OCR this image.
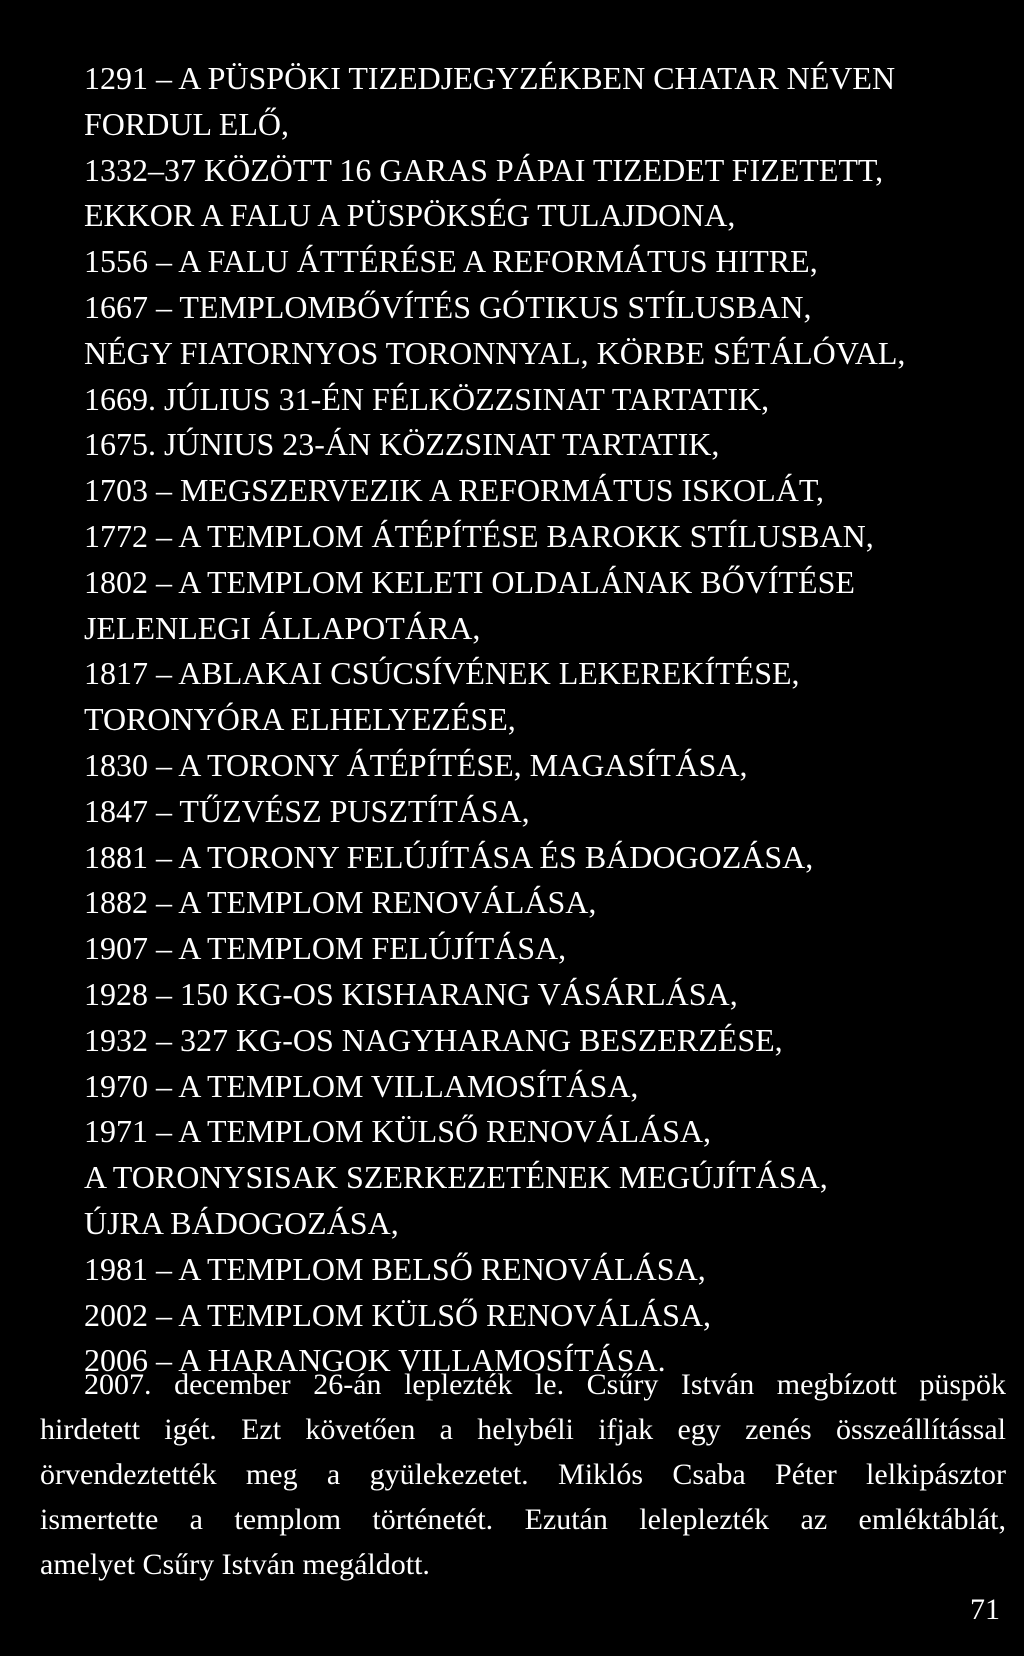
1291 – A PÜSPÖKI TIZEDJEGYZÉKBEN CHATAR NÉVEN
FORDUL ELŐ,
1332–37 KÖZÖTT 16 GARAS PÁPAI TIZEDET FIZETETT,
EKKOR A FALU A PÜSPÖKSÉG TULAJDONA,
1556 – A FALU ÁTTÉRÉSE A REFORMÁTUS HITRE,
1667 – TEMPLOMBŐVÍTÉS GÓTIKUS STÍLUSBAN,
NÉGY FIATORNYOS TORONNYAL, KÖRBE SÉTÁLÓVAL,
1669. JÚLIUS 31-ÉN FÉLKÖZZSINAT TARTATIK,
1675. JÚNIUS 23-ÁN KÖZZSINAT TARTATIK,
1703 – MEGSZERVEZIK A REFORMÁTUS ISKOLÁT,
1772 – A TEMPLOM ÁTÉPÍTÉSE BAROKK STÍLUSBAN,
1802 – A TEMPLOM KELETI OLDALÁNAK BŐVÍTÉSE
JELENLEGI ÁLLAPOTÁRA,
1817 – ABLAKAI CSÚCSÍVÉNEK LEKEREKÍTÉSE,
TORONYÓRA ELHELYEZÉSE,
1830 – A TORONY ÁTÉPÍTÉSE, MAGASÍTÁSA,
1847 – TŰZVÉSZ PUSZTÍTÁSA,
1881 – A TORONY FELÚJÍTÁSA ÉS BÁDOGOZÁSA,
1882 – A TEMPLOM RENOVÁLÁSA,
1907 – A TEMPLOM FELÚJÍTÁSA,
1928 – 150 KG-OS KISHARANG VÁSÁRLÁSA,
1932 – 327 KG-OS NAGYHARANG BESZERZÉSE,
1970 – A TEMPLOM VILLAMOSÍTÁSA,
1971 – A TEMPLOM KÜLSŐ RENOVÁLÁSA,
A TORONYSISAK SZERKEZETÉNEK MEGÚJÍTÁSA,
ÚJRA BÁDOGOZÁSA,
1981 – A TEMPLOM BELSŐ RENOVÁLÁSA,
2002 – A TEMPLOM KÜLSŐ RENOVÁLÁSA,
2006 – A HARANGOK VILLAMOSÍTÁSA.
2007. december 26-án leplezték le. Csűry István megbízott püspök
hirdetett igét. Ezt követően a helybéli ifjak egy zenés összeállítással
örvendeztették meg a gyülekezetet. Miklós Csaba Péter lelkipásztor
ismertette a templom történetét. Ezután leleplezték az emléktáblát,
amelyet Csűry István megáldott.
71
